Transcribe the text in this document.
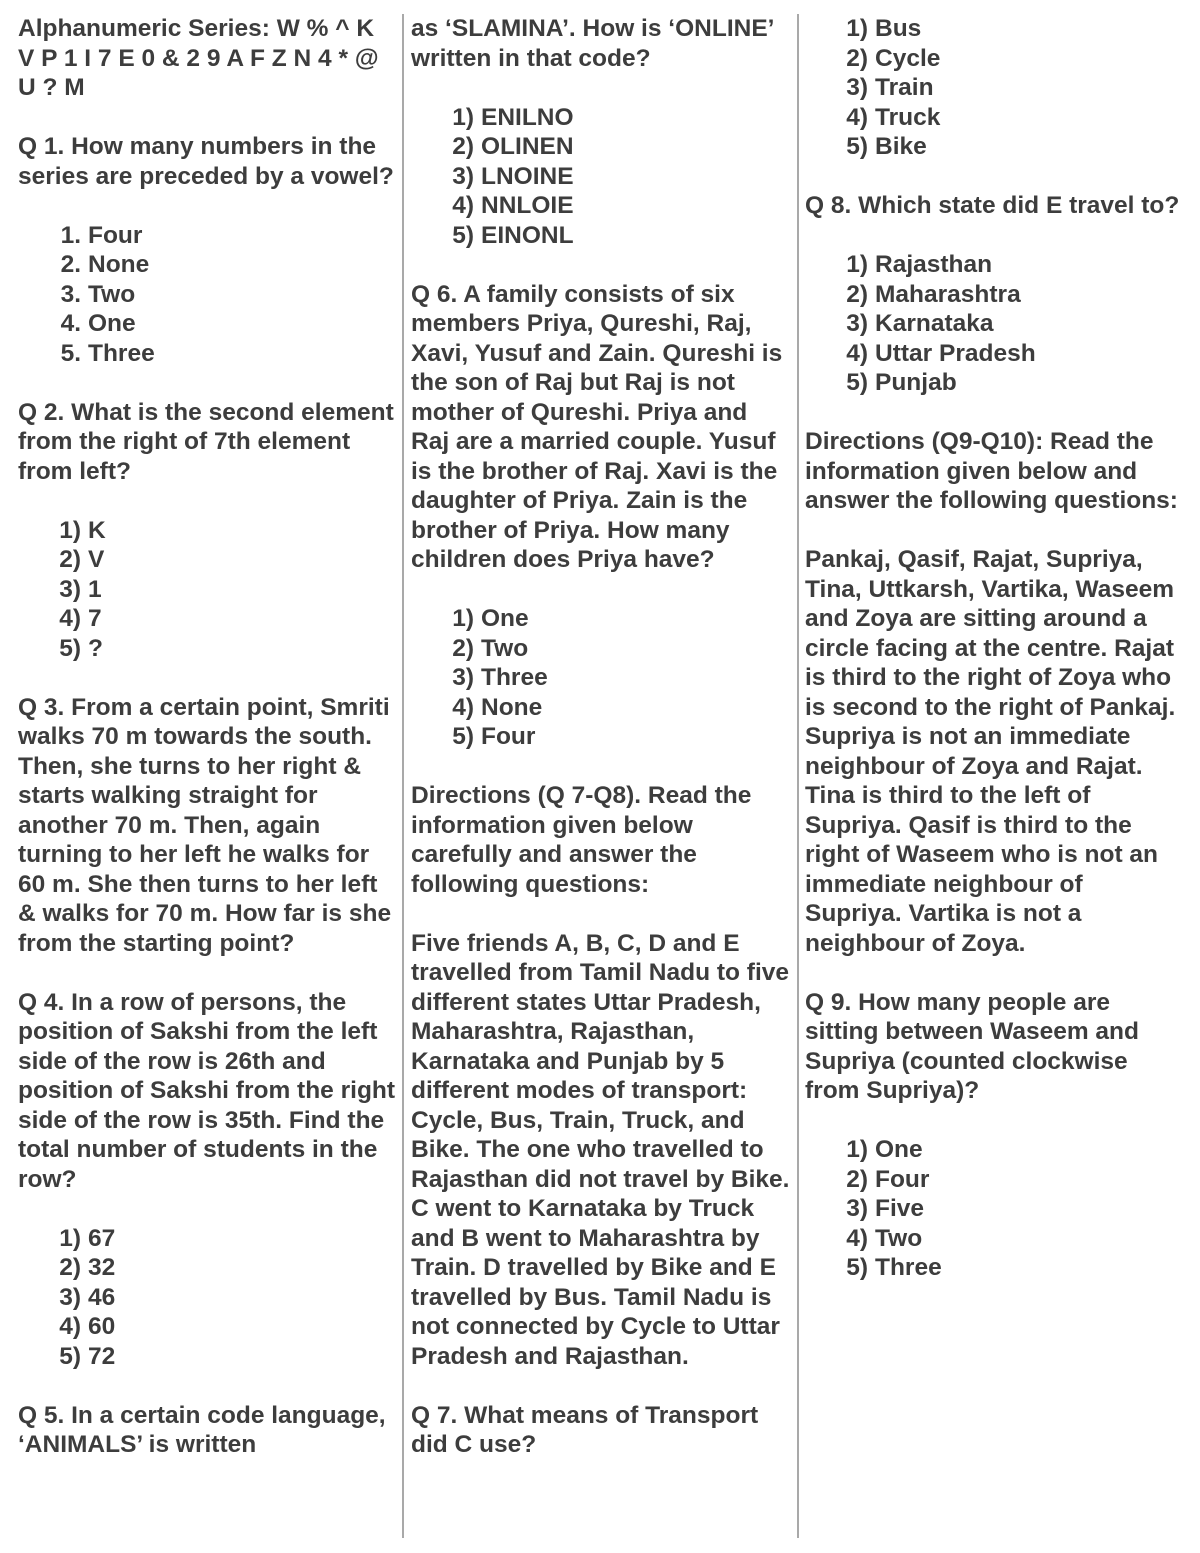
Alphanumeric Series: W % ^ K V P 1 I 7 E 0 & 2 9 A F Z N 4 * @ U ? M

Q 1. How many numbers in the series are preceded by a vowel?

1. Four
2. None
3. Two
4. One
5. Three

Q 2. What is the second element from the right of 7th element from left?

1) K
2) V
3) 1
4) 7
5) ?

Q 3. From a certain point, Smriti walks 70 m towards the south. Then, she turns to her right & starts walking straight for another 70 m. Then, again turning to her left he walks for 60 m. She then turns to her left & walks for 70 m. How far is she from the starting point?

Q 4. In a row of persons, the position of Sakshi from the left side of the row is 26th and position of Sakshi from the right side of the row is 35th. Find the total number of students in the row?

1) 67
2) 32
3) 46
4) 60
5) 72

Q 5. In a certain code language, ‘ANIMALS’ is written

as ‘SLAMINA’. How is ‘ONLINE’ written in that code?

1) ENILNO
2) OLINEN
3) LNOINE
4) NNLOIE
5) EINONL

Q 6. A family consists of six members Priya, Qureshi, Raj, Xavi, Yusuf and Zain. Qureshi is the son of Raj but Raj is not mother of Qureshi. Priya and Raj are a married couple. Yusuf is the brother of Raj. Xavi is the daughter of Priya. Zain is the brother of Priya. How many children does Priya have?

1) One
2) Two
3) Three
4) None
5) Four

Directions (Q 7-Q8). Read the information given below carefully and answer the following questions:

Five friends A, B, C, D and E travelled from Tamil Nadu to five different states Uttar Pradesh, Maharashtra, Rajasthan, Karnataka and Punjab by 5 different modes of transport: Cycle, Bus, Train, Truck, and Bike. The one who travelled to Rajasthan did not travel by Bike. C went to Karnataka by Truck and B went to Maharashtra by Train. D travelled by Bike and E travelled by Bus. Tamil Nadu is not connected by Cycle to Uttar Pradesh and Rajasthan.

Q 7. What means of Transport did C use?

1) Bus
2) Cycle
3) Train
4) Truck
5) Bike

Q 8. Which state did E travel to?

1) Rajasthan
2) Maharashtra
3) Karnataka
4) Uttar Pradesh
5) Punjab

Directions (Q9-Q10): Read the information given below and answer the following questions:

Pankaj, Qasif, Rajat, Supriya, Tina, Uttkarsh, Vartika, Waseem and Zoya are sitting around a circle facing at the centre. Rajat is third to the right of Zoya who is second to the right of Pankaj. Supriya is not an immediate neighbour of Zoya and Rajat. Tina is third to the left of Supriya. Qasif is third to the right of Waseem who is not an immediate neighbour of Supriya. Vartika is not a neighbour of Zoya.

Q 9. How many people are sitting between Waseem and Supriya (counted clockwise from Supriya)?

1) One
2) Four
3) Five
4) Two
5) Three
